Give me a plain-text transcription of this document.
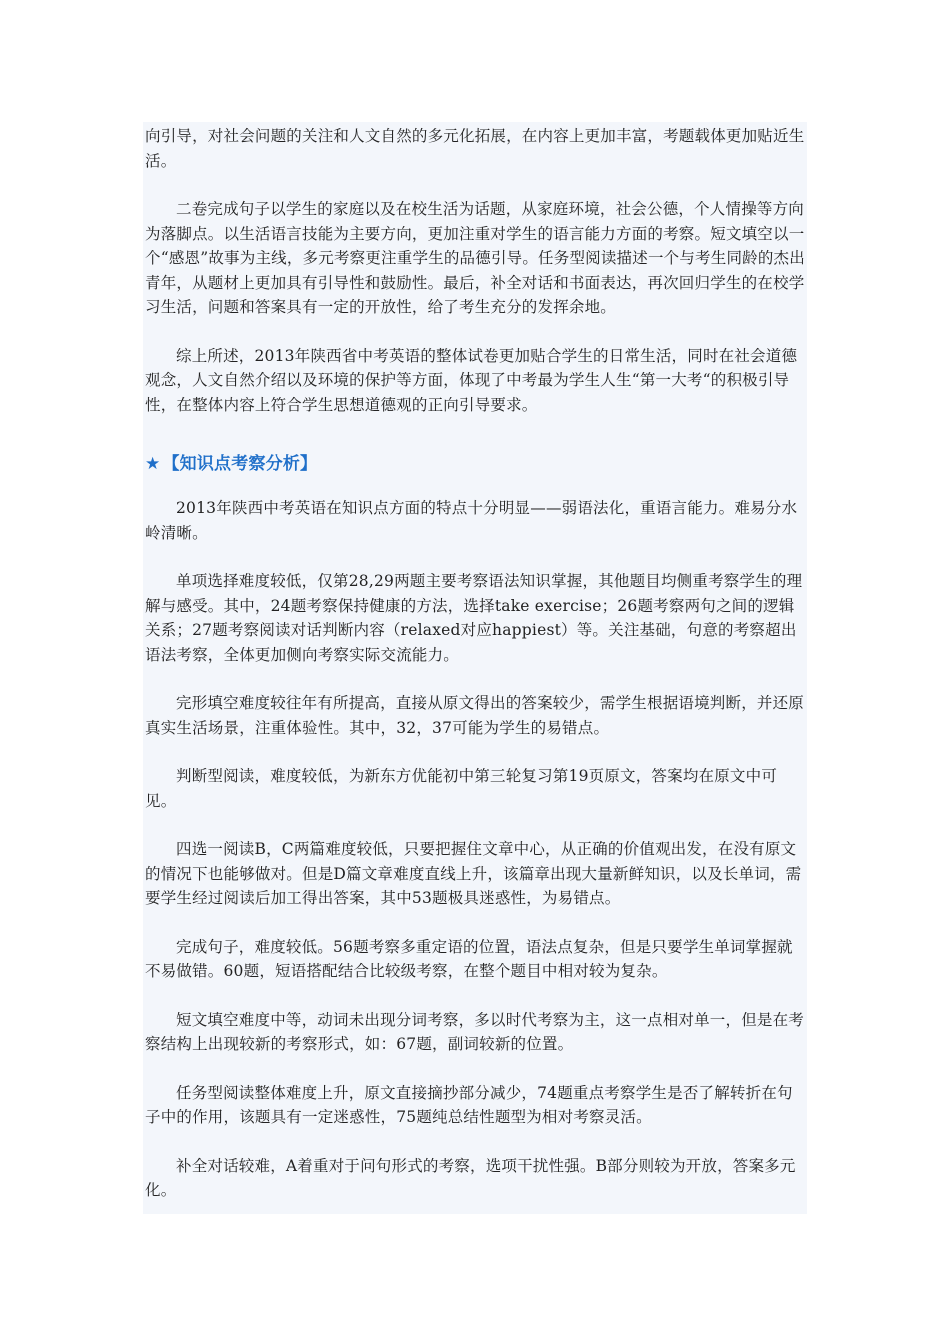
向引导，对社会问题的关注和人文自然的多元化拓展，在内容上更加丰富，考题载体更加贴近生活。

二卷完成句子以学生的家庭以及在校生活为话题，从家庭环境，社会公德，个人情操等方向为落脚点。以生活语言技能为主要方向，更加注重对学生的语言能力方面的考察。短文填空以一个“感恩”故事为主线，多元考察更注重学生的品德引导。任务型阅读描述一个与考生同龄的杰出青年，从题材上更加具有引导性和鼓励性。最后，补全对话和书面表达，再次回归学生的在校学习生活，问题和答案具有一定的开放性，给了考生充分的发挥余地。

综上所述，2013年陕西省中考英语的整体试卷更加贴合学生的日常生活，同时在社会道德观念，人文自然介绍以及环境的保护等方面，体现了中考最为学生人生“第一大考“的积极引导性，在整体内容上符合学生思想道德观的正向引导要求。

★ 【知识点考察分析】

2013年陕西中考英语在知识点方面的特点十分明显——弱语法化，重语言能力。难易分水岭清晰。

单项选择难度较低，仅第28,29两题主要考察语法知识掌握，其他题目均侧重考察学生的理解与感受。其中，24题考察保持健康的方法，选择take exercise；26题考察两句之间的逻辑关系；27题考察阅读对话判断内容（relaxed对应happiest）等。关注基础，句意的考察超出语法考察，全体更加侧向考察实际交流能力。

完形填空难度较往年有所提高，直接从原文得出的答案较少，需学生根据语境判断，并还原真实生活场景，注重体验性。其中，32，37可能为学生的易错点。

判断型阅读，难度较低，为新东方优能初中第三轮复习第19页原文，答案均在原文中可见。

四选一阅读B，C两篇难度较低，只要把握住文章中心，从正确的价值观出发，在没有原文的情况下也能够做对。但是D篇文章难度直线上升，该篇章出现大量新鲜知识，以及长单词，需要学生经过阅读后加工得出答案，其中53题极具迷惑性，为易错点。

完成句子，难度较低。56题考察多重定语的位置，语法点复杂，但是只要学生单词掌握就不易做错。60题，短语搭配结合比较级考察，在整个题目中相对较为复杂。

短文填空难度中等，动词未出现分词考察，多以时代考察为主，这一点相对单一，但是在考察结构上出现较新的考察形式，如：67题，副词较新的位置。

任务型阅读整体难度上升，原文直接摘抄部分减少，74题重点考察学生是否了解转折在句子中的作用，该题具有一定迷惑性，75题纯总结性题型为相对考察灵活。

补全对话较难，A着重对于问句形式的考察，选项干扰性强。B部分则较为开放，答案多元化。
